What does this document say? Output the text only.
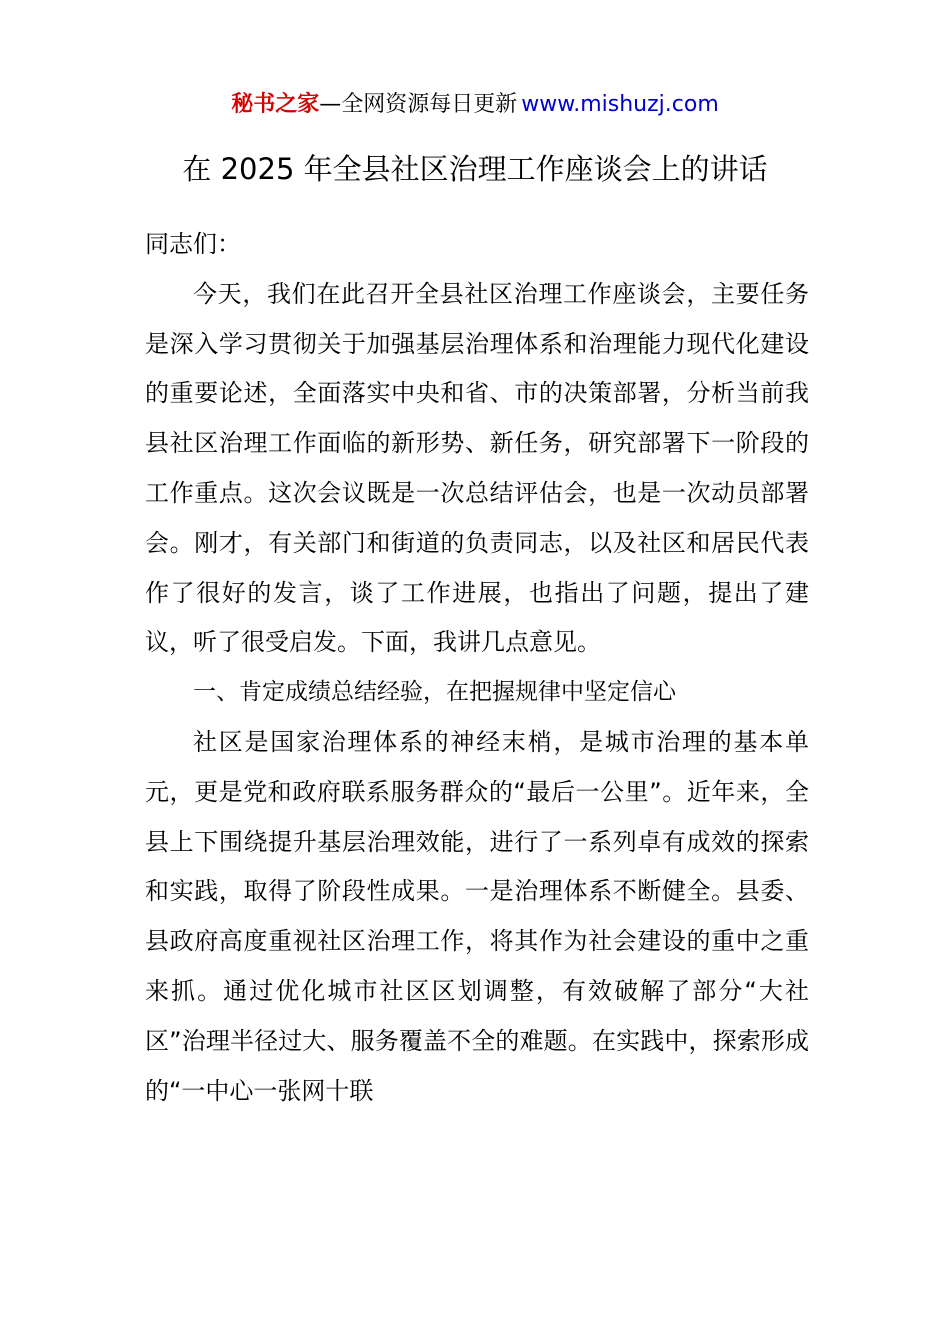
秘书之家—全网资源每日更新 www.mishuzj.com
在 2025 年全县社区治理工作座谈会上的讲话

同志们：

今天，我们在此召开全县社区治理工作座谈会，主要任务是深入学习贯彻关于加强基层治理体系和治理能力现代化建设的重要论述，全面落实中央和省、市的决策部署，分析当前我县社区治理工作面临的新形势、新任务，研究部署下一阶段的工作重点。这次会议既是一次总结评估会，也是一次动员部署会。刚才，有关部门和街道的负责同志，以及社区和居民代表作了很好的发言，谈了工作进展，也指出了问题，提出了建议，听了很受启发。下面，我讲几点意见。

一、肯定成绩总结经验，在把握规律中坚定信心

社区是国家治理体系的神经末梢，是城市治理的基本单元，更是党和政府联系服务群众的“最后一公里”。近年来，全县上下围绕提升基层治理效能，进行了一系列卓有成效的探索和实践，取得了阶段性成果。一是治理体系不断健全。县委、县政府高度重视社区治理工作，将其作为社会建设的重中之重来抓。通过优化城市社区区划调整，有效破解了部分“大社区”治理半径过大、服务覆盖不全的难题。在实践中，探索形成的“一中心一张网十联
